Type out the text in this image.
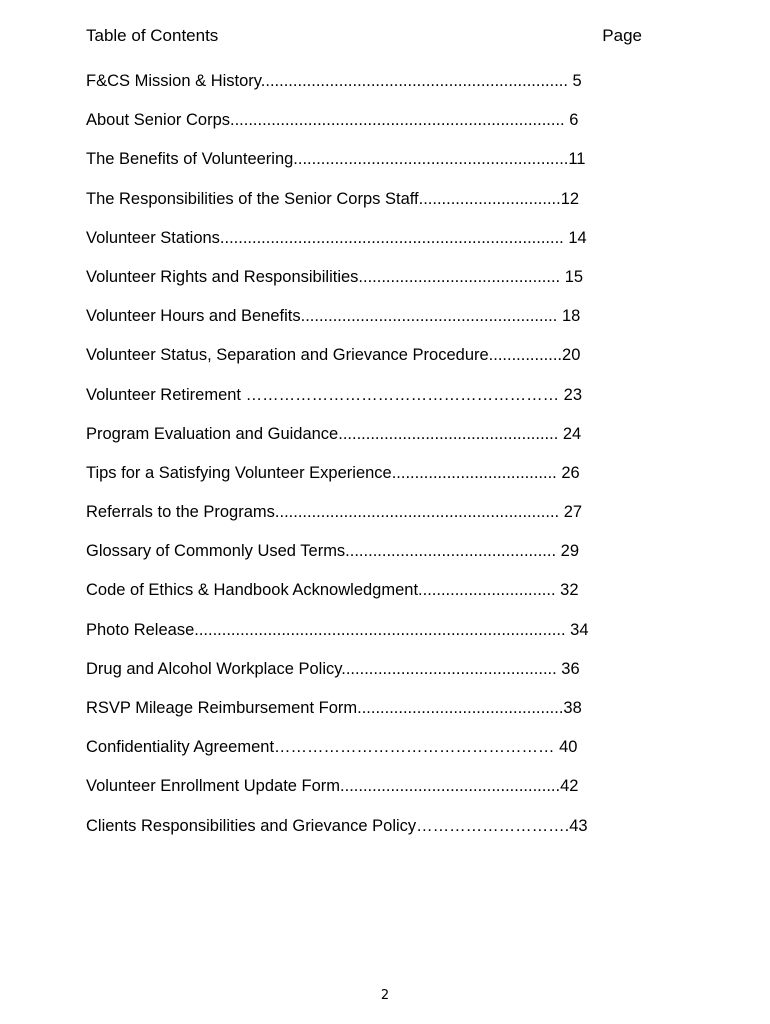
Table of Contents	Page
F&CS Mission & History................................................................... 5
About Senior Corps......................................................................... 6
The Benefits of Volunteering............................................................11
The Responsibilities of the Senior Corps Staff...............................12
Volunteer Stations........................................................................... 14
Volunteer Rights and Responsibilities............................................ 15
Volunteer Hours and Benefits........................................................ 18
Volunteer Status, Separation and Grievance Procedure................20
Volunteer Retirement ………………………………………………… 23
Program Evaluation and Guidance................................................ 24
Tips for a Satisfying Volunteer Experience.................................... 26
Referrals to the Programs.............................................................. 27
Glossary of Commonly Used Terms.............................................. 29
Code of Ethics & Handbook Acknowledgment.............................. 32
Photo Release................................................................................. 34
Drug and Alcohol Workplace Policy............................................... 36
RSVP Mileage Reimbursement Form.............................................38
Confidentiality Agreement…………………………………………… 40
Volunteer Enrollment Update Form................................................42
Clients Responsibilities and Grievance Policy……………………….43
2
